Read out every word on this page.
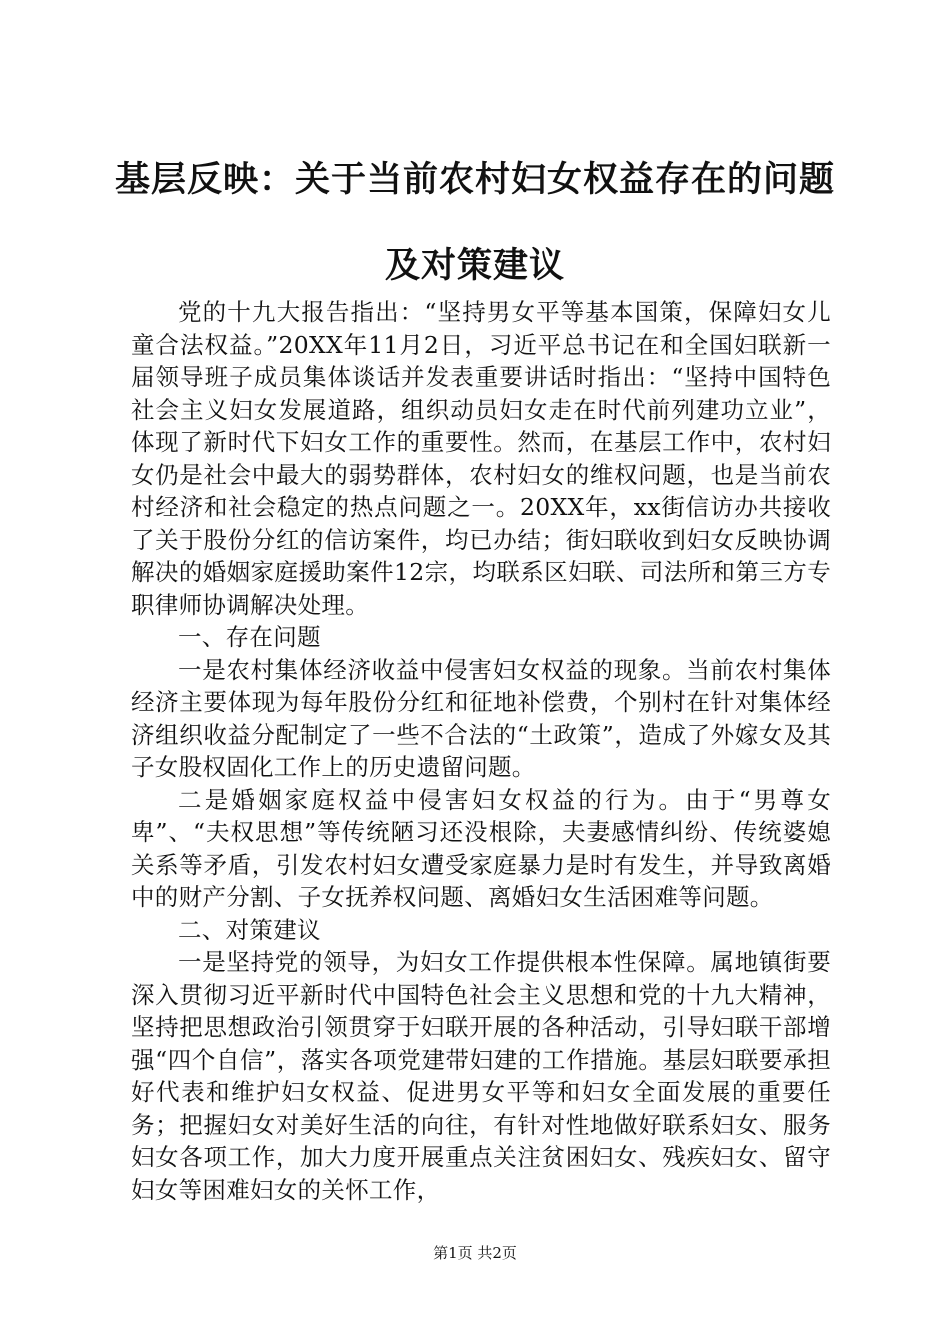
基层反映：关于当前农村妇女权益存在的问题
及对策建议

党的十九大报告指出：“坚持男女平等基本国策，保障妇女儿童合法权益。”20XX年11月2日，习近平总书记在和全国妇联新一届领导班子成员集体谈话并发表重要讲话时指出：“坚持中国特色社会主义妇女发展道路，组织动员妇女走在时代前列建功立业”，体现了新时代下妇女工作的重要性。然而，在基层工作中，农村妇女仍是社会中最大的弱势群体，农村妇女的维权问题，也是当前农村经济和社会稳定的热点问题之一。20XX年，xx街信访办共接收了关于股份分红的信访案件，均已办结；街妇联收到妇女反映协调解决的婚姻家庭援助案件12宗，均联系区妇联、司法所和第三方专职律师协调解决处理。

一、存在问题

一是农村集体经济收益中侵害妇女权益的现象。当前农村集体经济主要体现为每年股份分红和征地补偿费，个别村在针对集体经济组织收益分配制定了一些不合法的“土政策”，造成了外嫁女及其子女股权固化工作上的历史遗留问题。

二是婚姻家庭权益中侵害妇女权益的行为。由于“男尊女卑”、“夫权思想”等传统陋习还没根除，夫妻感情纠纷、传统婆媳关系等矛盾，引发农村妇女遭受家庭暴力是时有发生，并导致离婚中的财产分割、子女抚养权问题、离婚妇女生活困难等问题。

二、对策建议

一是坚持党的领导，为妇女工作提供根本性保障。属地镇街要深入贯彻习近平新时代中国特色社会主义思想和党的十九大精神，坚持把思想政治引领贯穿于妇联开展的各种活动，引导妇联干部增强“四个自信”，落实各项党建带妇建的工作措施。基层妇联要承担好代表和维护妇女权益、促进男女平等和妇女全面发展的重要任务；把握妇女对美好生活的向往，有针对性地做好联系妇女、服务妇女各项工作，加大力度开展重点关注贫困妇女、残疾妇女、留守妇女等困难妇女的关怀工作，

第1页 共2页
